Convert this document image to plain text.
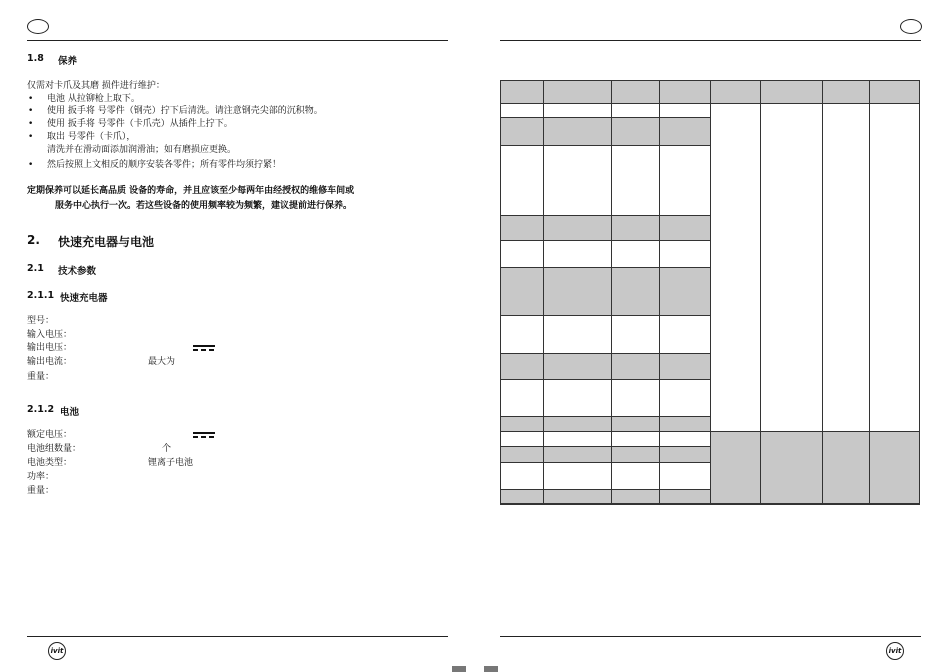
1.8 保养
仅需对卡爪及其磨 损件进行维护：
• 电池 从拉铆枪上取下。
• 使用 扳手将 号零件（钢壳）拧下后清洗。请注意钢壳尖部的沉积物。
• 使用 扳手将 号零件（卡爪壳）从插件上拧下。
• 取出 号零件（卡爪），
清洗并在滑动面添加润滑油；如有磨损应更换。
• 然后按照上文相反的顺序安装各零件；所有零件均须拧紧！
定期保养可以延长高品质 设备的寿命，并且应该至少每两年由经授权的维修车间或
服务中心执行一次。若这些设备的使用频率较为频繁，建议提前进行保养。
2. 快速充电器与电池
2.1 技术参数
2.1.1 快速充电器
型号：
输入电压：
输出电压：
输出电流：	最大为
重量：
2.1.2 电池
额定电压：
电池组数量：	个
电池类型：	锂离子电池
功率：
重量：
ivit	ivit
